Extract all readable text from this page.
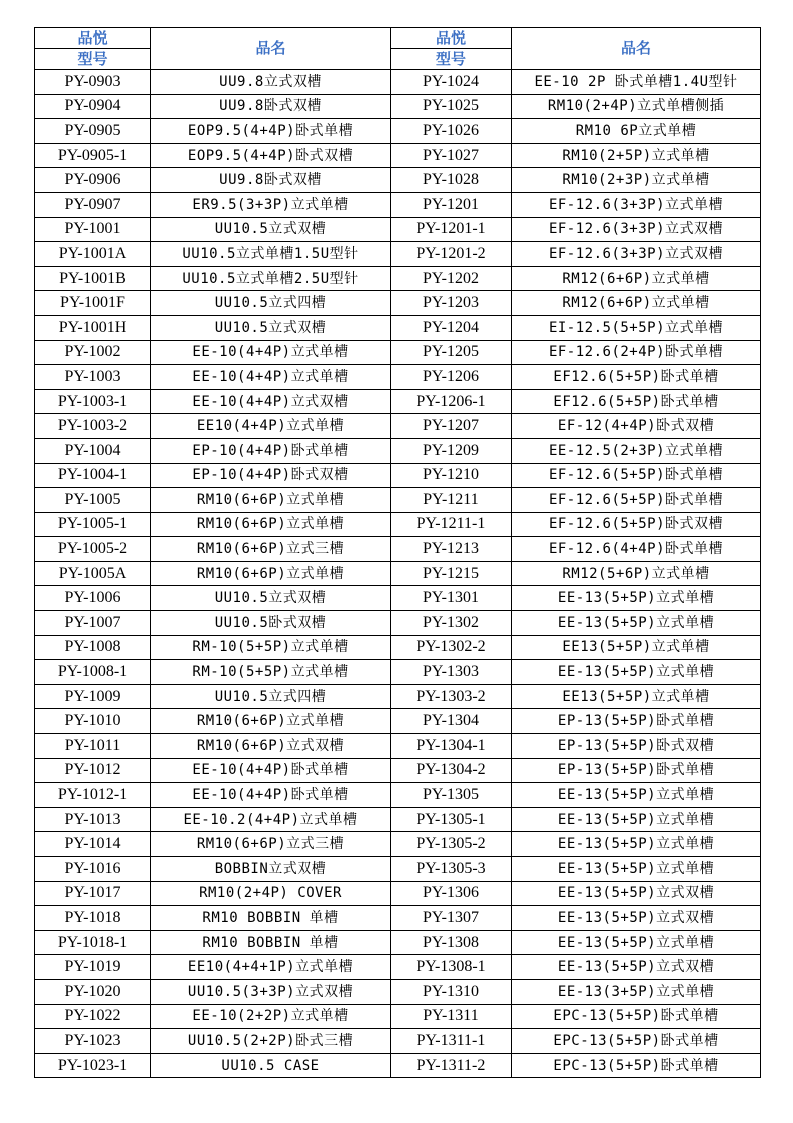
品悦	品名	品悦	品名
型号		型号	
PY-0903	UU9.8立式双槽	PY-1024	EE-10 2P 卧式单槽1.4U型针
PY-0904	UU9.8卧式双槽	PY-1025	RM10(2+4P)立式单槽侧插
PY-0905	EOP9.5(4+4P)卧式单槽	PY-1026	RM10 6P立式单槽
PY-0905-1	EOP9.5(4+4P)卧式双槽	PY-1027	RM10(2+5P)立式单槽
PY-0906	UU9.8卧式双槽	PY-1028	RM10(2+3P)立式单槽
PY-0907	ER9.5(3+3P)立式单槽	PY-1201	EF-12.6(3+3P)立式单槽
PY-1001	UU10.5立式双槽	PY-1201-1	EF-12.6(3+3P)立式双槽
PY-1001A	UU10.5立式单槽1.5U型针	PY-1201-2	EF-12.6(3+3P)立式双槽
PY-1001B	UU10.5立式单槽2.5U型针	PY-1202	RM12(6+6P)立式单槽
PY-1001F	UU10.5立式四槽	PY-1203	RM12(6+6P)立式单槽
PY-1001H	UU10.5立式双槽	PY-1204	EI-12.5(5+5P)立式单槽
PY-1002	EE-10(4+4P)立式单槽	PY-1205	EF-12.6(2+4P)卧式单槽
PY-1003	EE-10(4+4P)立式单槽	PY-1206	EF12.6(5+5P)卧式单槽
PY-1003-1	EE-10(4+4P)立式双槽	PY-1206-1	EF12.6(5+5P)卧式单槽
PY-1003-2	EE10(4+4P)立式单槽	PY-1207	EF-12(4+4P)卧式双槽
PY-1004	EP-10(4+4P)卧式单槽	PY-1209	EE-12.5(2+3P)立式单槽
PY-1004-1	EP-10(4+4P)卧式双槽	PY-1210	EF-12.6(5+5P)卧式单槽
PY-1005	RM10(6+6P)立式单槽	PY-1211	EF-12.6(5+5P)卧式单槽
PY-1005-1	RM10(6+6P)立式单槽	PY-1211-1	EF-12.6(5+5P)卧式双槽
PY-1005-2	RM10(6+6P)立式三槽	PY-1213	EF-12.6(4+4P)卧式单槽
PY-1005A	RM10(6+6P)立式单槽	PY-1215	RM12(5+6P)立式单槽
PY-1006	UU10.5立式双槽	PY-1301	EE-13(5+5P)立式单槽
PY-1007	UU10.5卧式双槽	PY-1302	EE-13(5+5P)立式单槽
PY-1008	RM-10(5+5P)立式单槽	PY-1302-2	EE13(5+5P)立式单槽
PY-1008-1	RM-10(5+5P)立式单槽	PY-1303	EE-13(5+5P)立式单槽
PY-1009	UU10.5立式四槽	PY-1303-2	EE13(5+5P)立式单槽
PY-1010	RM10(6+6P)立式单槽	PY-1304	EP-13(5+5P)卧式单槽
PY-1011	RM10(6+6P)立式双槽	PY-1304-1	EP-13(5+5P)卧式双槽
PY-1012	EE-10(4+4P)卧式单槽	PY-1304-2	EP-13(5+5P)卧式单槽
PY-1012-1	EE-10(4+4P)卧式单槽	PY-1305	EE-13(5+5P)立式单槽
PY-1013	EE-10.2(4+4P)立式单槽	PY-1305-1	EE-13(5+5P)立式单槽
PY-1014	RM10(6+6P)立式三槽	PY-1305-2	EE-13(5+5P)立式单槽
PY-1016	BOBBIN立式双槽	PY-1305-3	EE-13(5+5P)立式单槽
PY-1017	RM10(2+4P) COVER	PY-1306	EE-13(5+5P)立式双槽
PY-1018	RM10 BOBBIN 单槽	PY-1307	EE-13(5+5P)立式双槽
PY-1018-1	RM10 BOBBIN 单槽	PY-1308	EE-13(5+5P)立式单槽
PY-1019	EE10(4+4+1P)立式单槽	PY-1308-1	EE-13(5+5P)立式双槽
PY-1020	UU10.5(3+3P)立式双槽	PY-1310	EE-13(3+5P)立式单槽
PY-1022	EE-10(2+2P)立式单槽	PY-1311	EPC-13(5+5P)卧式单槽
PY-1023	UU10.5(2+2P)卧式三槽	PY-1311-1	EPC-13(5+5P)卧式单槽
PY-1023-1	UU10.5 CASE	PY-1311-2	EPC-13(5+5P)卧式单槽
